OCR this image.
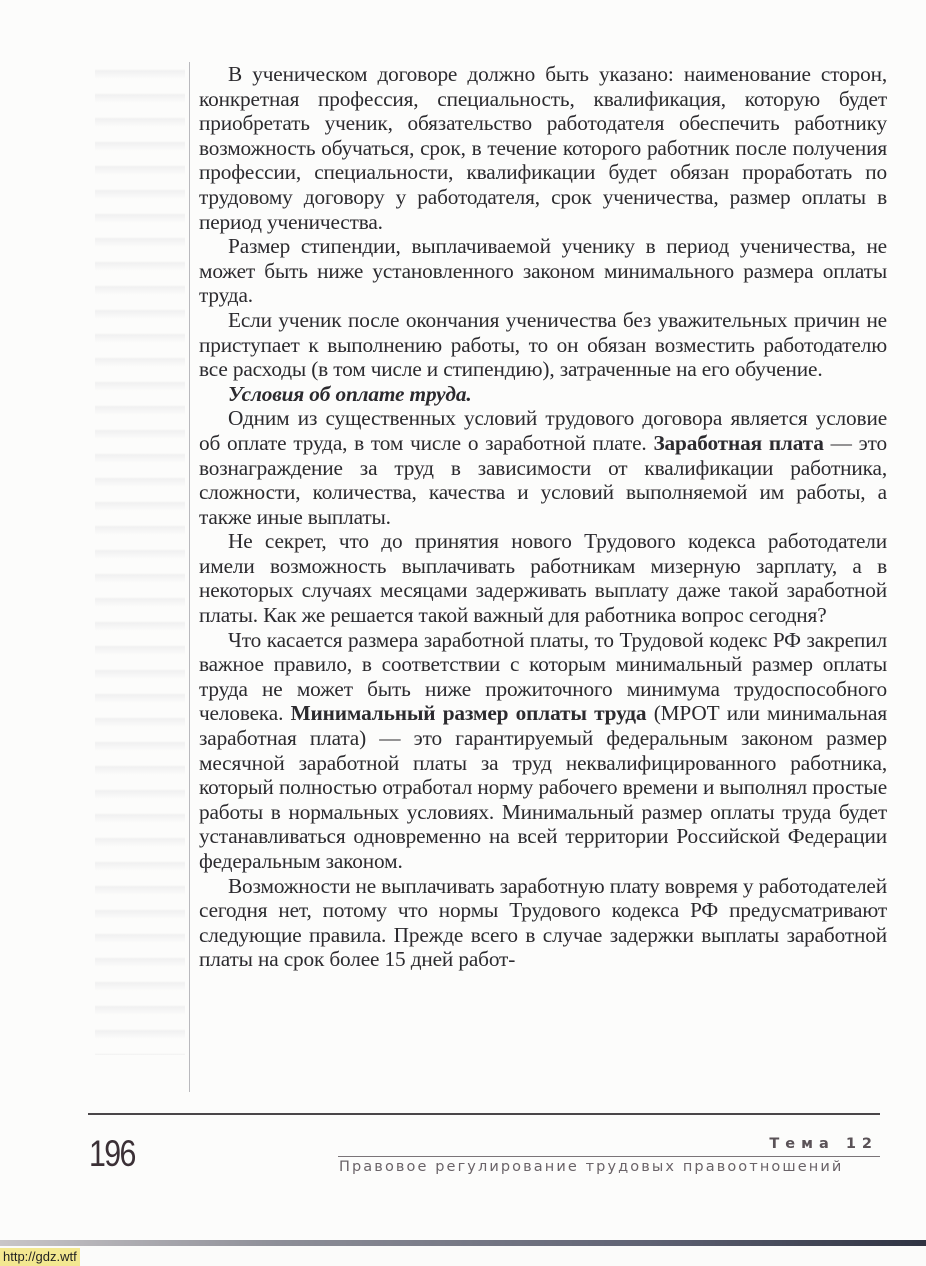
В ученическом договоре должно быть указано: наименование сторон, конкретная профессия, специальность, квалификация, которую будет приобретать ученик, обязательство работодателя обеспечить работнику возможность обучаться, срок, в течение которого работник после получения профессии, специальности, квалификации будет обязан проработать по трудовому договору у работодателя, срок ученичества, размер оплаты в период ученичества.

Размер стипендии, выплачиваемой ученику в период ученичества, не может быть ниже установленного законом минимального размера оплаты труда.

Если ученик после окончания ученичества без уважительных причин не приступает к выполнению работы, то он обязан возместить работодателю все расходы (в том числе и стипендию), затраченные на его обучение.

Условия об оплате труда.

Одним из существенных условий трудового договора является условие об оплате труда, в том числе о заработной плате. Заработная плата — это вознаграждение за труд в зависимости от квалификации работника, сложности, количества, качества и условий выполняемой им работы, а также иные выплаты.

Не секрет, что до принятия нового Трудового кодекса работодатели имели возможность выплачивать работникам мизерную зарплату, а в некоторых случаях месяцами задерживать выплату даже такой заработной платы. Как же решается такой важный для работника вопрос сегодня?

Что касается размера заработной платы, то Трудовой кодекс РФ закрепил важное правило, в соответствии с которым минимальный размер оплаты труда не может быть ниже прожиточного минимума трудоспособного человека. Минимальный размер оплаты труда (МРОТ или минимальная заработная плата) — это гарантируемый федеральным законом размер месячной заработной платы за труд неквалифицированного работника, который полностью отработал норму рабочего времени и выполнял простые работы в нормальных условиях. Минимальный размер оплаты труда будет устанавливаться одновременно на всей территории Российской Федерации федеральным законом.

Возможности не выплачивать заработную плату вовремя у работодателей сегодня нет, потому что нормы Трудового кодекса РФ предусматривают следующие правила. Прежде всего в случае задержки выплаты заработной платы на срок более 15 дней работ-

196	Тема 12
Правовое регулирование трудовых правоотношений
http://gdz.wtf
